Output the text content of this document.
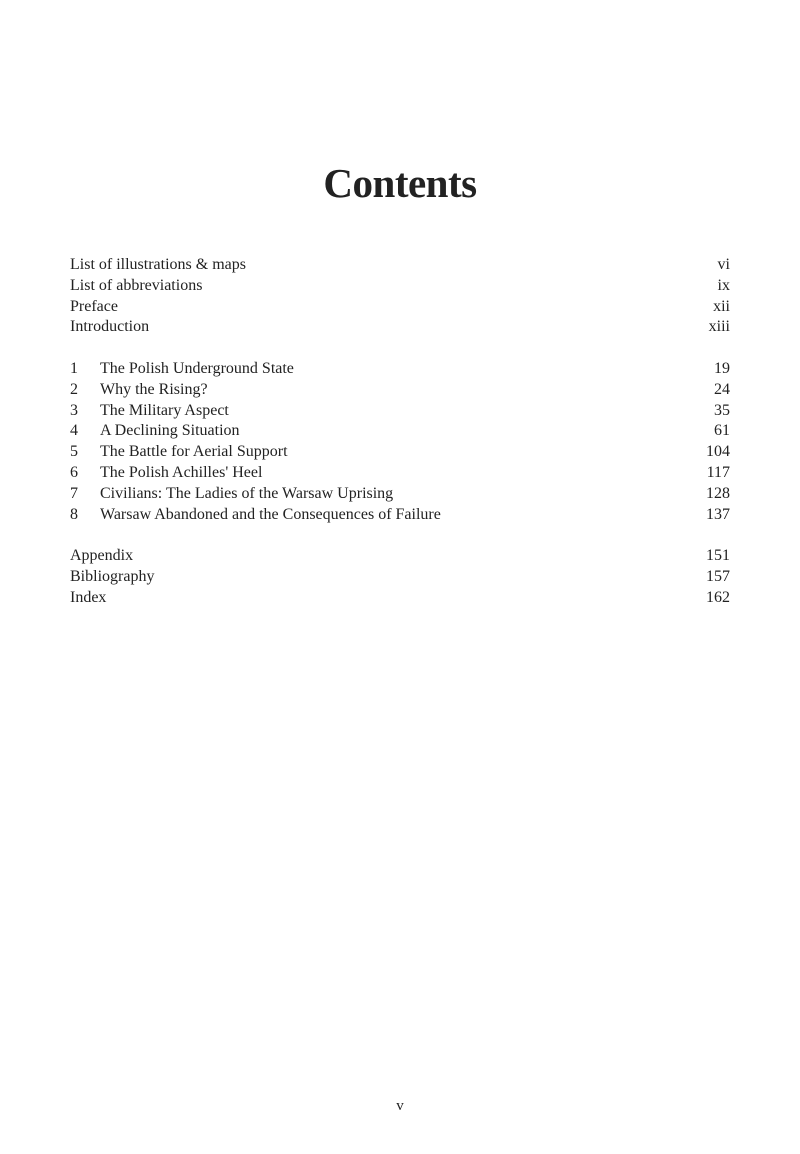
Contents
List of illustrations & maps	vi
List of abbreviations	ix
Preface	xii
Introduction	xiii
1	The Polish Underground State	19
2	Why the Rising?	24
3	The Military Aspect	35
4	A Declining Situation	61
5	The Battle for Aerial Support	104
6	The Polish Achilles' Heel	117
7	Civilians: The Ladies of the Warsaw Uprising	128
8	Warsaw Abandoned and the Consequences of Failure	137
Appendix	151
Bibliography	157
Index	162
v
